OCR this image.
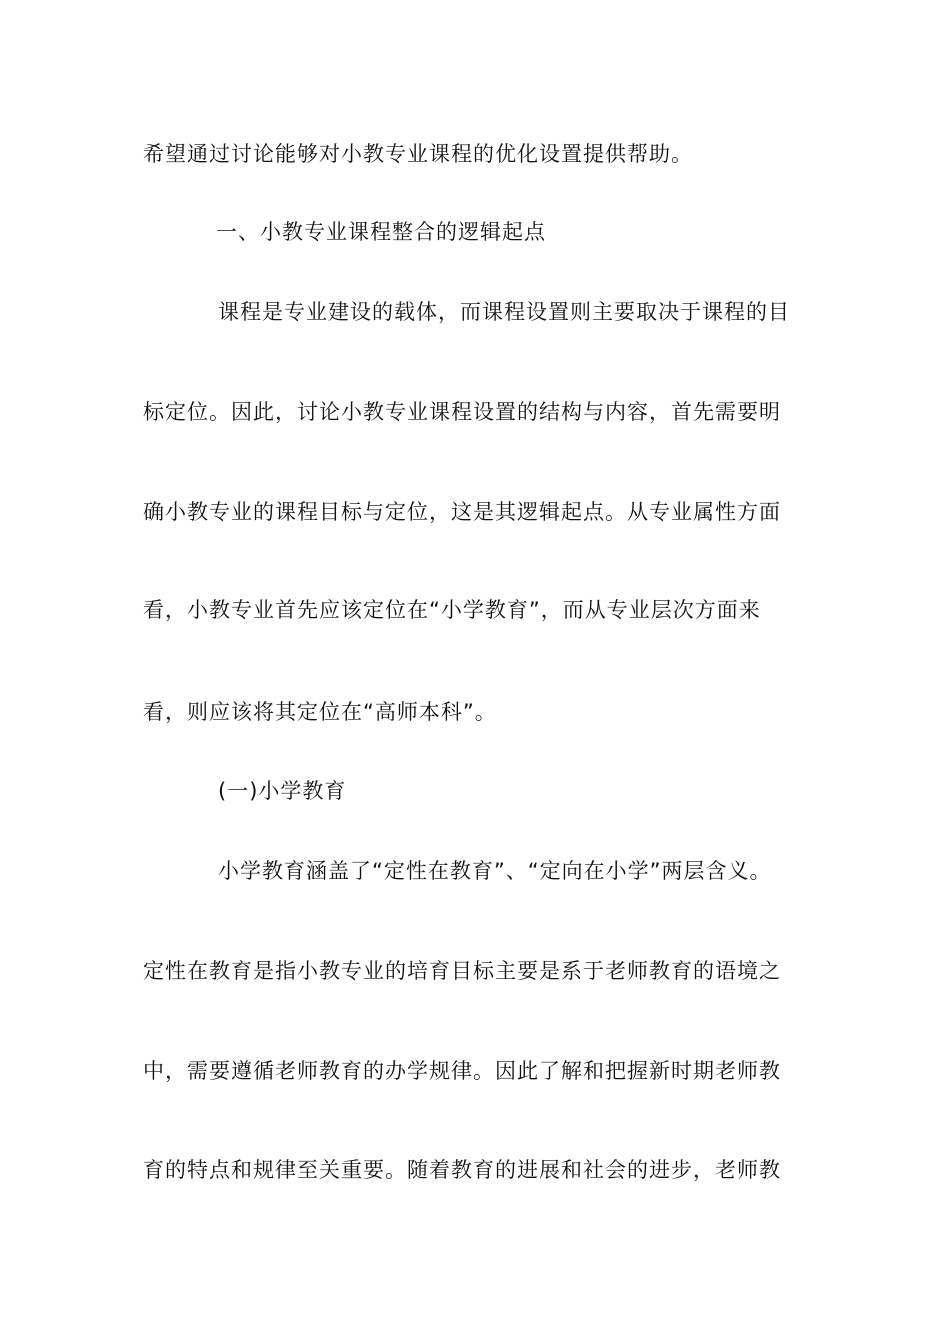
希望通过讨论能够对小教专业课程的优化设置提供帮助。
一、小教专业课程整合的逻辑起点
课程是专业建设的载体，而课程设置则主要取决于课程的目
标定位。因此，讨论小教专业课程设置的结构与内容，首先需要明
确小教专业的课程目标与定位，这是其逻辑起点。从专业属性方面
看，小教专业首先应该定位在“小学教育”，而从专业层次方面来
看，则应该将其定位在“高师本科”。
(一)小学教育
小学教育涵盖了“定性在教育”、“定向在小学”两层含义。
定性在教育是指小教专业的培育目标主要是系于老师教育的语境之
中，需要遵循老师教育的办学规律。因此了解和把握新时期老师教
育的特点和规律至关重要。随着教育的进展和社会的进步，老师教
